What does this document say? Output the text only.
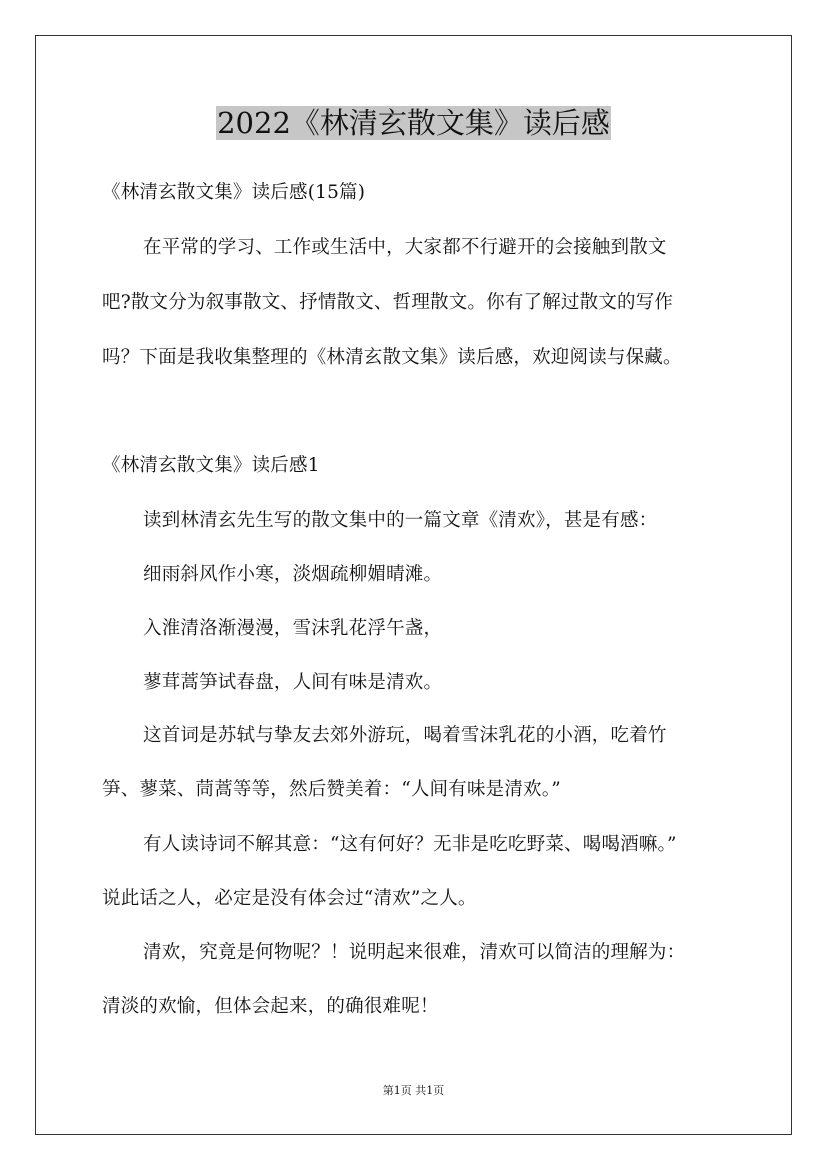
2022《林清玄散文集》读后感
《林清玄散文集》读后感(15篇)
在平常的学习、工作或生活中，大家都不行避开的会接触到散文
吧?散文分为叙事散文、抒情散文、哲理散文。你有了解过散文的写作
吗？下面是我收集整理的《林清玄散文集》读后感，欢迎阅读与保藏。
《林清玄散文集》读后感1
读到林清玄先生写的散文集中的一篇文章《清欢》，甚是有感：
细雨斜风作小寒，淡烟疏柳媚晴滩。
入淮清洛渐漫漫，雪沫乳花浮午盏，
蓼茸蒿笋试春盘，人间有味是清欢。
这首词是苏轼与挚友去郊外游玩，喝着雪沫乳花的小酒，吃着竹
笋、蓼菜、茼蒿等等，然后赞美着：“人间有味是清欢。”
有人读诗词不解其意：“这有何好？无非是吃吃野菜、喝喝酒嘛。”
说此话之人，必定是没有体会过“清欢”之人。
清欢，究竟是何物呢？！说明起来很难，清欢可以简洁的理解为：
清淡的欢愉，但体会起来，的确很难呢！
第1页 共1页
